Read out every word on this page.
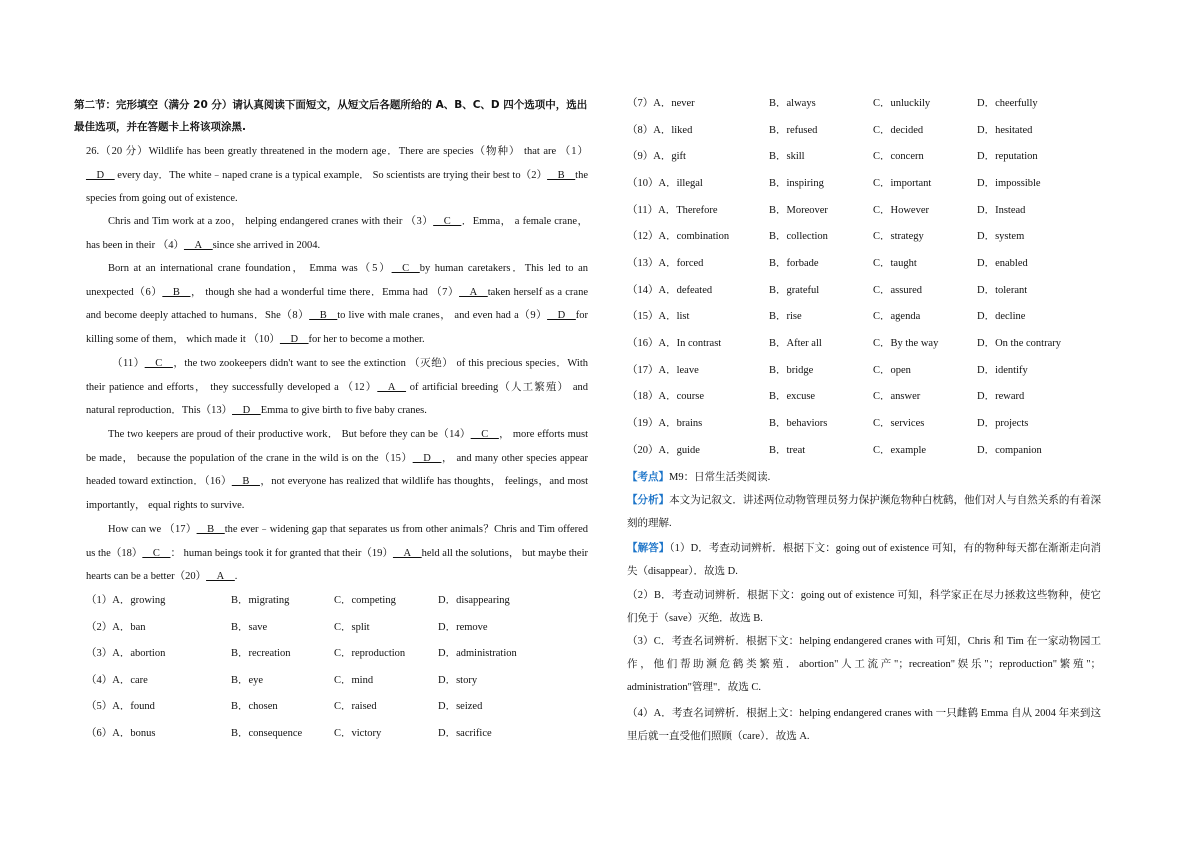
第二节：完形填空（满分 20 分）请认真阅读下面短文，从短文后各题所给的 A、B、C、D 四个选项中，选出最佳选项，并在答题卡上将该项涂黑.
26.（20 分）Wildlife has been greatly threatened in the modern age．There are species（物种） that are （1）__D__ every day．The white﹣naped crane is a typical example． So scientists are trying their best to（2）__B__the species from going out of existence.
Chris and Tim work at a zoo， helping endangered cranes with their （3）__C__．Emma， a female crane，has been in their （4）__A__since she arrived in 2004.
Born at an international crane foundation， Emma was（5）__C__by human caretakers．This led to an unexpected（6）__B__， though she had a wonderful time there．Emma had （7）__A__taken herself as a crane and become deeply attached to humans．She（8）__B__to live with male cranes， and even had a（9）__D__for killing some of them， which made it （10）__D__for her to become a mother.
（11）__C__，the two zookeepers didn't want to see the extinction （灭绝） of this precious species．With their patience and efforts， they successfully developed a （12）__A__ of artificial breeding（人工繁殖） and natural reproduction．This（13）__D__Emma to give birth to five baby cranes.
The two keepers are proud of their productive work． But before they can be（14）__C__， more efforts must be made， because the population of the crane in the wild is on the（15）__D__， and many other species appear headed toward extinction．（16）__B__，not everyone has realized that wildlife has thoughts， feelings，and most importantly， equal rights to survive.
How can we （17）__B__the ever﹣widening gap that separates us from other animals？Chris and Tim offered us the（18）__C__： human beings took it for granted that their（19）__A__held all the solutions， but maybe their hearts can be a better（20）__A__.
（1）A．growing	B．migrating	C．competing	D．disappearing
（2）A．ban	B．save	C．split	D．remove
（3）A．abortion	B．recreation	C．reproduction	D．administration
（4）A．care	B．eye	C．mind	D．story
（5）A．found	B．chosen	C．raised	D．seized
（6）A．bonus	B．consequence	C．victory	D．sacrifice
（7）A．never	B．always	C．unluckily	D．cheerfully
（8）A．liked	B．refused	C．decided	D．hesitated
（9）A．gift	B．skill	C．concern	D．reputation
（10）A．illegal	B．inspiring	C．important	D．impossible
（11）A．Therefore	B．Moreover	C．However	D．Instead
（12）A．combination	B．collection	C．strategy	D．system
（13）A．forced	B．forbade	C．taught	D．enabled
（14）A．defeated	B．grateful	C．assured	D．tolerant
（15）A．list	B．rise	C．agenda	D．decline
（16）A．In contrast	B．After all	C．By the way	D．On the contrary
（17）A．leave	B．bridge	C．open	D．identify
（18）A．course	B．excuse	C．answer	D．reward
（19）A．brains	B．behaviors	C．services	D．projects
（20）A．guide	B．treat	C．example	D．companion
【考点】M9：日常生活类阅读.
【分析】本文为记叙文．讲述两位动物管理员努力保护濒危物种白枕鹤，他们对人与自然关系的有着深刻的理解.
【解答】（1）D．考查动词辨析．根据下文：going out of existence 可知，有的物种每天都在渐渐走向消失（disappear）．故选 D.
（2）B．考查动词辨析．根据下文：going out of existence 可知，科学家正在尽力拯救这些物种，使它们免于（save）灭绝．故选 B.
（3）C．考查名词辨析．根据下文：helping endangered cranes with 可知，Chris 和 Tim 在一家动物园工作，他们帮助濒危鹤类繁殖．abortion"人工流产"；recreation"娱乐"；reproduction"繁殖"；administration"管理"．故选 C.
（4）A．考查名词辨析．根据上文：helping endangered cranes with 一只雌鹤 Emma 自从 2004 年来到这里后就一直受他们照顾（care）．故选 A.
